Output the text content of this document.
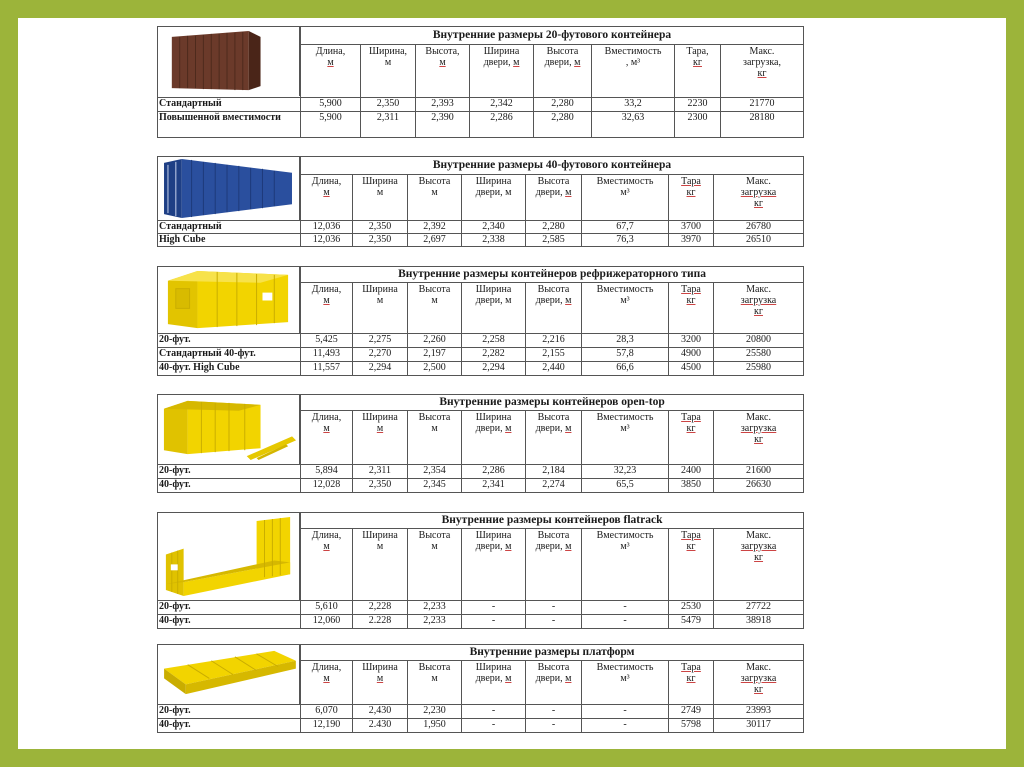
	Внутренние размеры 20-футового контейнера							
	Длина,
м	Ширина,
м	Высота,
м	Ширина
двери, м	Высота
двери, м	Вместимость
, м³	Тара,
кг	Макс.
загрузка,
кг
Стандартный	5,900	2,350	2,393	2,342	2,280	33,2	2230	21770
Повышенной вместимости	5,900	2,311	2,390	2,286	2,280	32,63	2300	28180
	Внутренние размеры 40-футового контейнера							
	Длина,
м	Ширина
м	Высота
м	Ширина
двери, м	Высота
двери, м	Вместимость
м³	Тара
кг	Макс.
загрузка
кг
Стандартный	12,036	2,350	2,392	2,340	2,280	67,7	3700	26780
High Cube	12,036	2,350	2,697	2,338	2,585	76,3	3970	26510
	Внутренние размеры контейнеров рефрижераторного типа							
	Длина,
м	Ширина
м	Высота
м	Ширина
двери, м	Высота
двери, м	Вместимость
м³	Тара
кг	Макс.
загрузка
кг
20-фут.	5,425	2,275	2,260	2,258	2,216	28,3	3200	20800
Стандартный 40-фут.	11,493	2,270	2,197	2,282	2,155	57,8	4900	25580
40-фут. High Cube	11,557	2,294	2,500	2,294	2,440	66,6	4500	25980
	Внутренние размеры контейнеров open-top							
	Длина,
м	Ширина
м	Высота
м	Ширина
двери, м	Высота
двери, м	Вместимость
м³	Тара
кг	Макс.
загрузка
кг
20-фут.	5,894	2,311	2,354	2,286	2,184	32,23	2400	21600
40-фут.	12,028	2,350	2,345	2,341	2,274	65,5	3850	26630
	Внутренние размеры контейнеров flatrack							
	Длина,
м	Ширина
м	Высота
м	Ширина
двери, м	Высота
двери, м	Вместимость
м³	Тара
кг	Макс.
загрузка
кг
20-фут.	5,610	2,228	2,233	-	-	-	2530	27722
40-фут.	12,060	2.228	2,233	-	-	-	5479	38918
	Внутренние размеры платформ							
	Длина,
м	Ширина
м	Высота
м	Ширина
двери, м	Высота
двери, м	Вместимость
м³	Тара
кг	Макс.
загрузка
кг
20-фут.	6,070	2,430	2,230	-	-	-	2749	23993
40-фут.	12,190	2.430	1,950	-	-	-	5798	30117
